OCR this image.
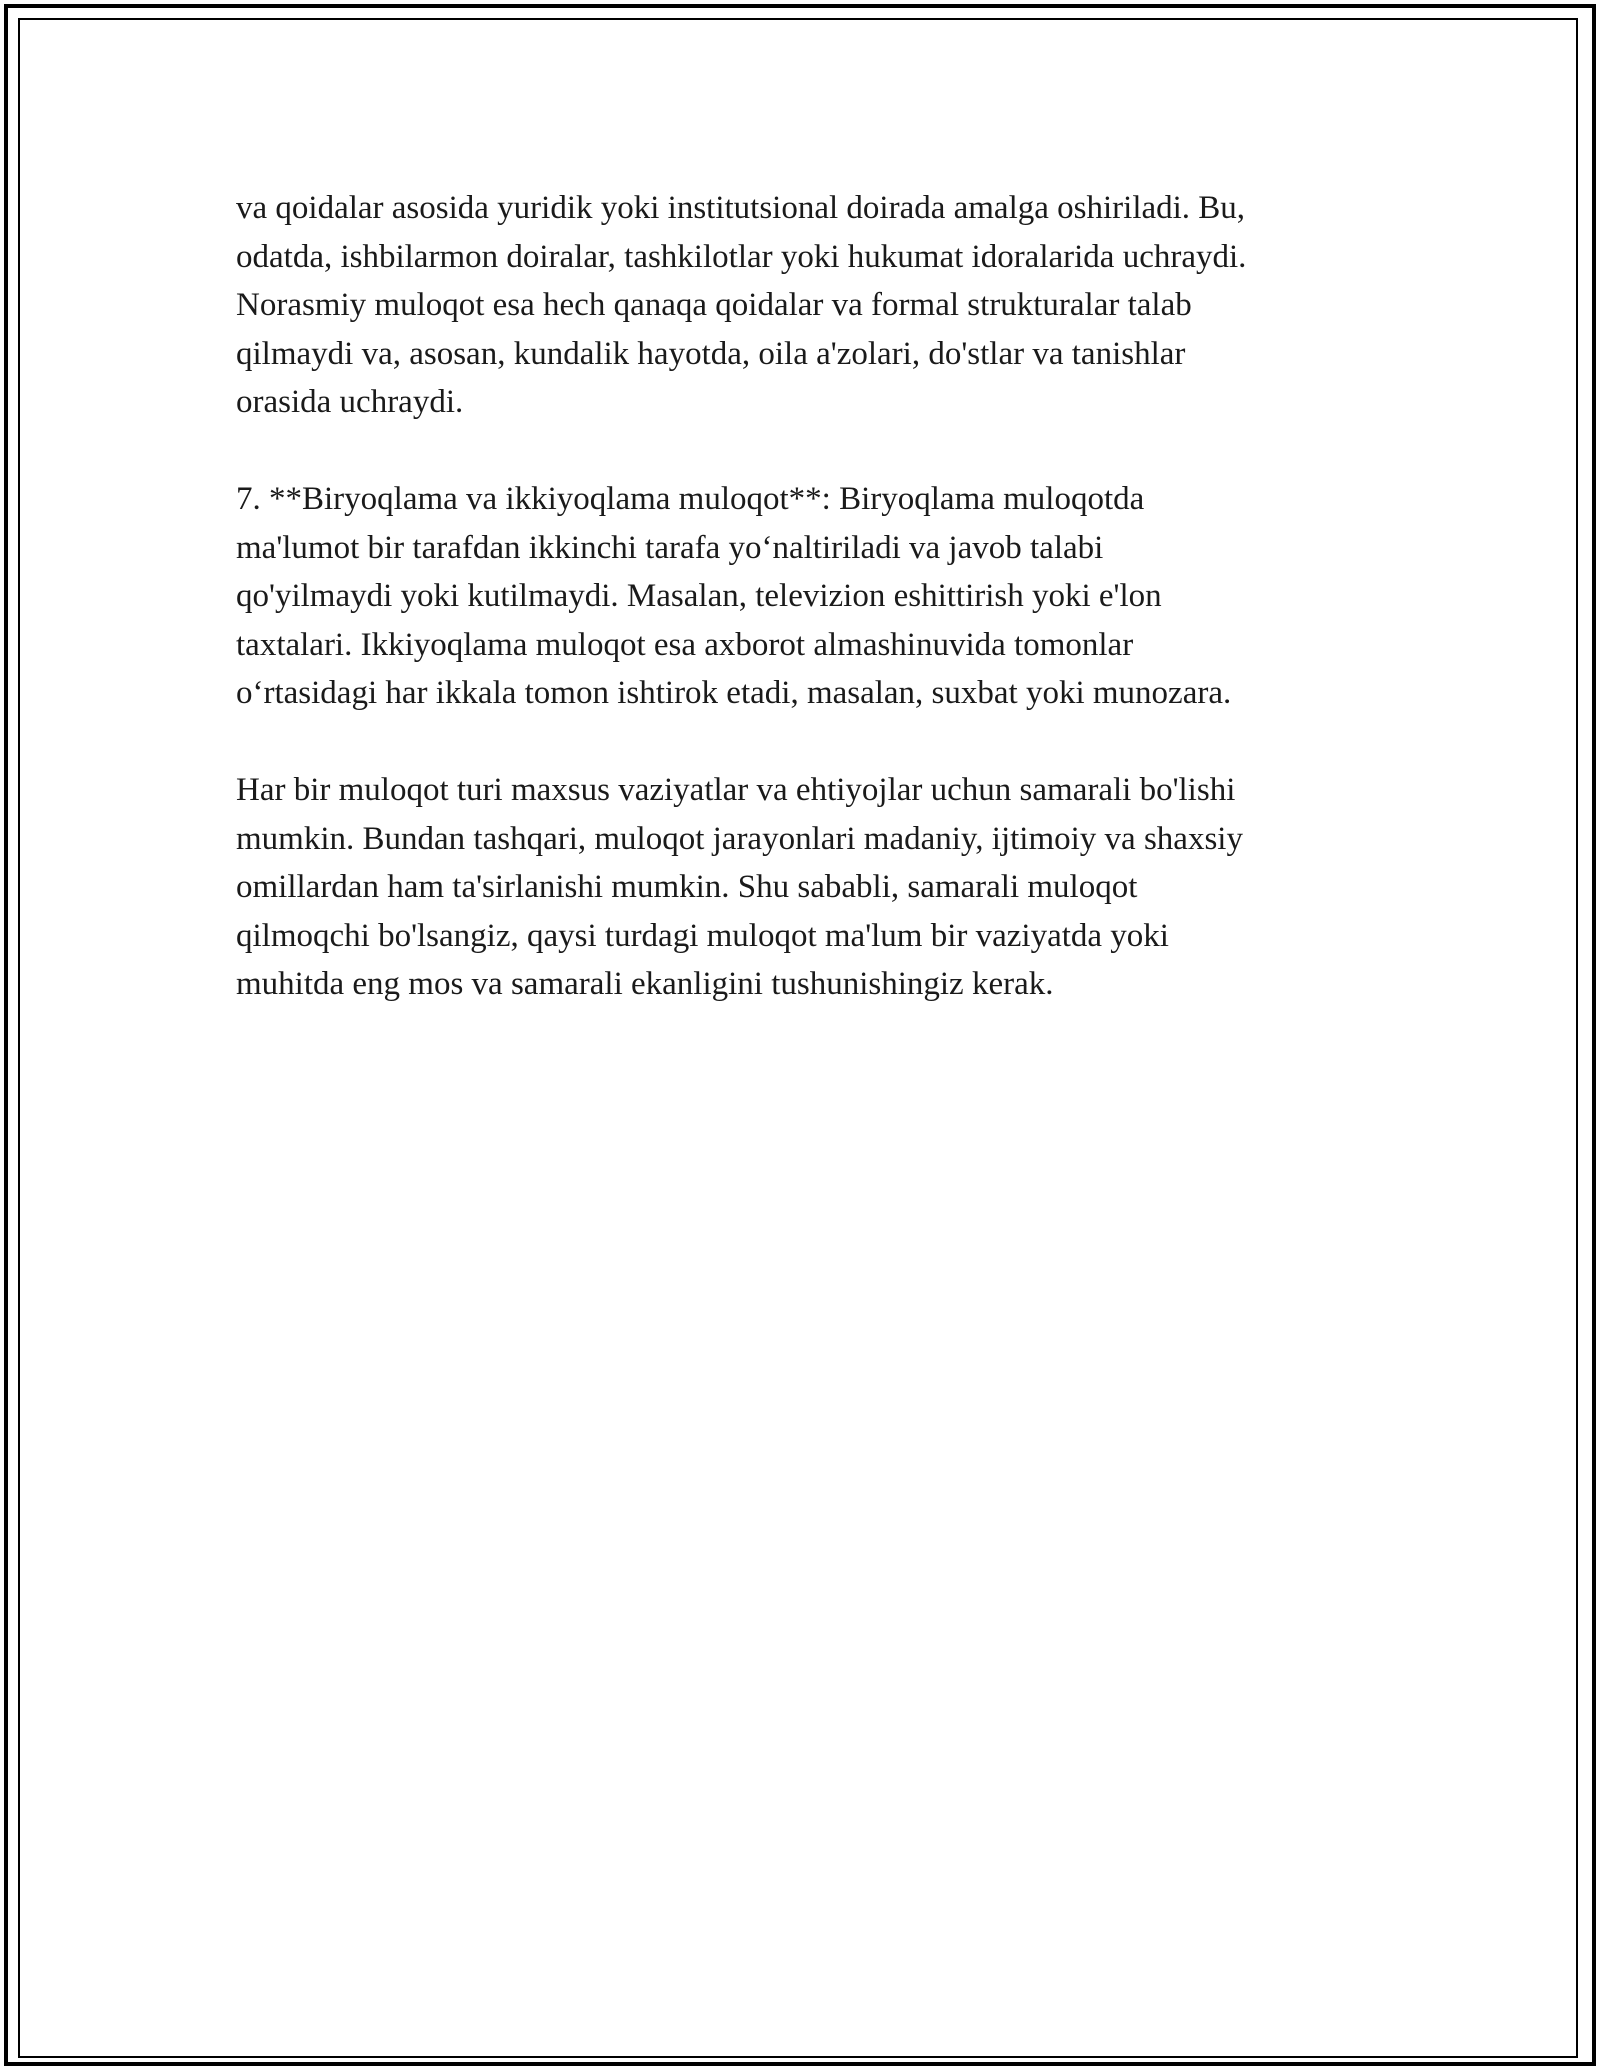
va qoidalar asosida yuridik yoki institutsional doirada amalga oshiriladi. Bu,
odatda, ishbilarmon doiralar, tashkilotlar yoki hukumat idoralarida uchraydi.
Norasmiy muloqot esa hech qanaqa qoidalar va formal strukturalar talab
qilmaydi va, asosan, kundalik hayotda, oila a'zolari, do'stlar va tanishlar
orasida uchraydi.

7. **Biryoqlama va ikkiyoqlama muloqot**: Biryoqlama muloqotda
ma'lumot bir tarafdan ikkinchi tarafa yo‘naltiriladi va javob talabi
qo'yilmaydi yoki kutilmaydi. Masalan, televizion eshittirish yoki e'lon
taxtalari. Ikkiyoqlama muloqot esa axborot almashinuvida tomonlar
o‘rtasidagi har ikkala tomon ishtirok etadi, masalan, suxbat yoki munozara.

Har bir muloqot turi maxsus vaziyatlar va ehtiyojlar uchun samarali bo'lishi
mumkin. Bundan tashqari, muloqot jarayonlari madaniy, ijtimoiy va shaxsiy
omillardan ham ta'sirlanishi mumkin. Shu sababli, samarali muloqot
qilmoqchi bo'lsangiz, qaysi turdagi muloqot ma'lum bir vaziyatda yoki
muhitda eng mos va samarali ekanligini tushunishingiz kerak.
